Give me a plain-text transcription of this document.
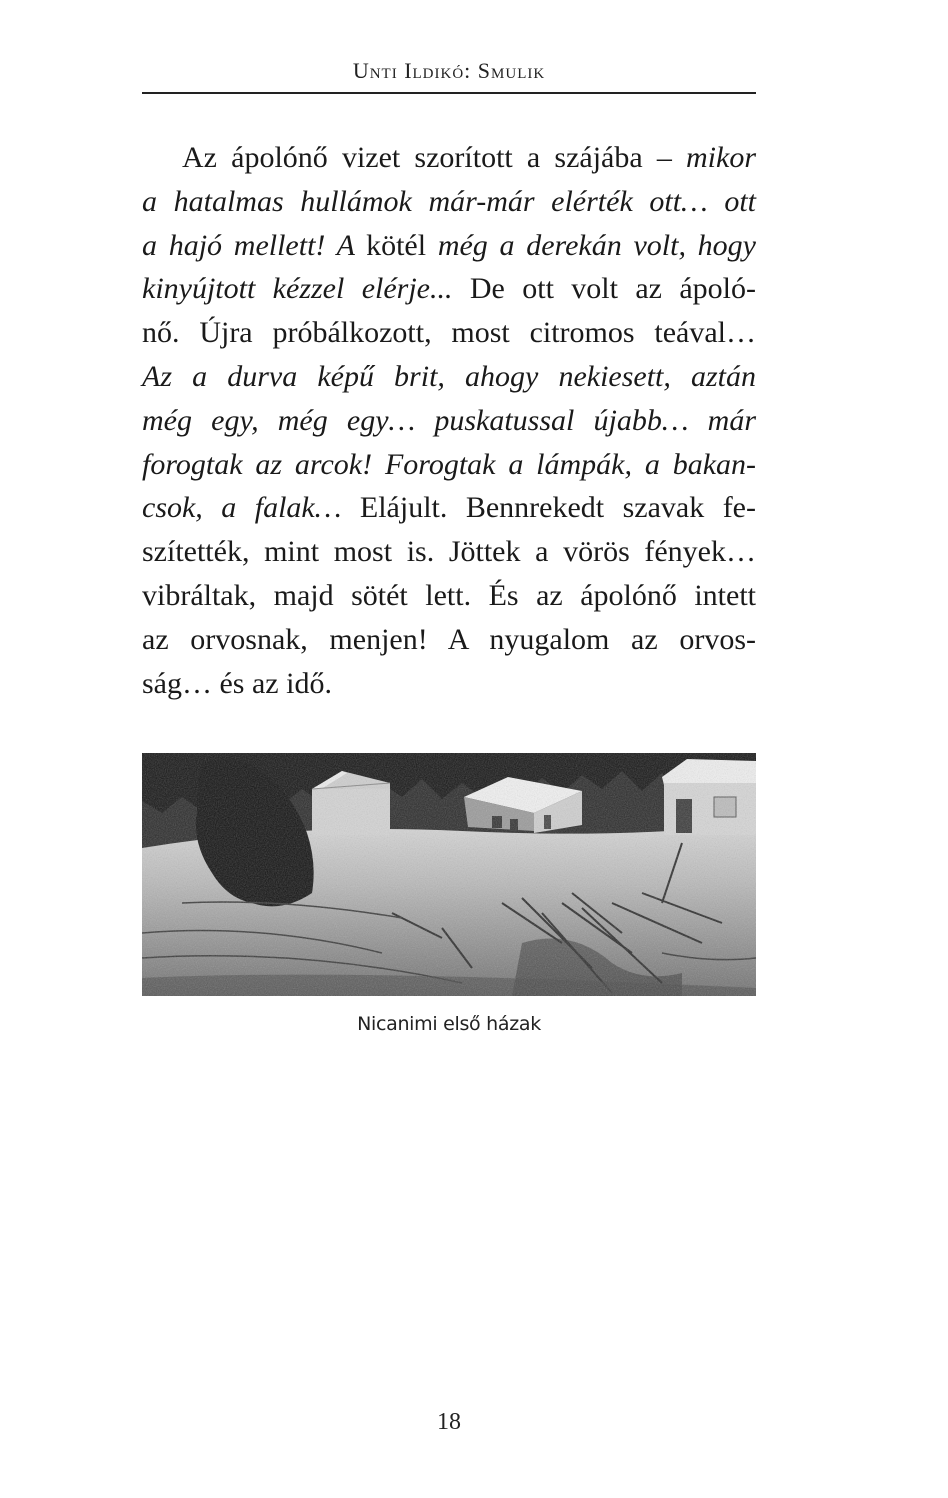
Unti Ildikó: Smulik
Az ápolónő vizet szorított a szájába – mikor
a hatalmas hullámok már-már elérték ott… ott
a hajó mellett! A kötél még a derekán volt, hogy
kinyújtott kézzel elérje... De ott volt az ápoló-
nő. Újra próbálkozott, most citromos teával…
Az a durva képű brit, ahogy nekiesett, aztán
még egy, még egy… puskatussal újabb… már
forogtak az arcok! Forogtak a lámpák, a bakan-
csok, a falak… Elájult. Bennrekedt szavak fe-
szítették, mint most is. Jöttek a vörös fények…
vibráltak, majd sötét lett. És az ápolónő intett
az orvosnak, menjen! A nyugalom az orvos-
ság… és az idő.
Nicanimi első házak
18
